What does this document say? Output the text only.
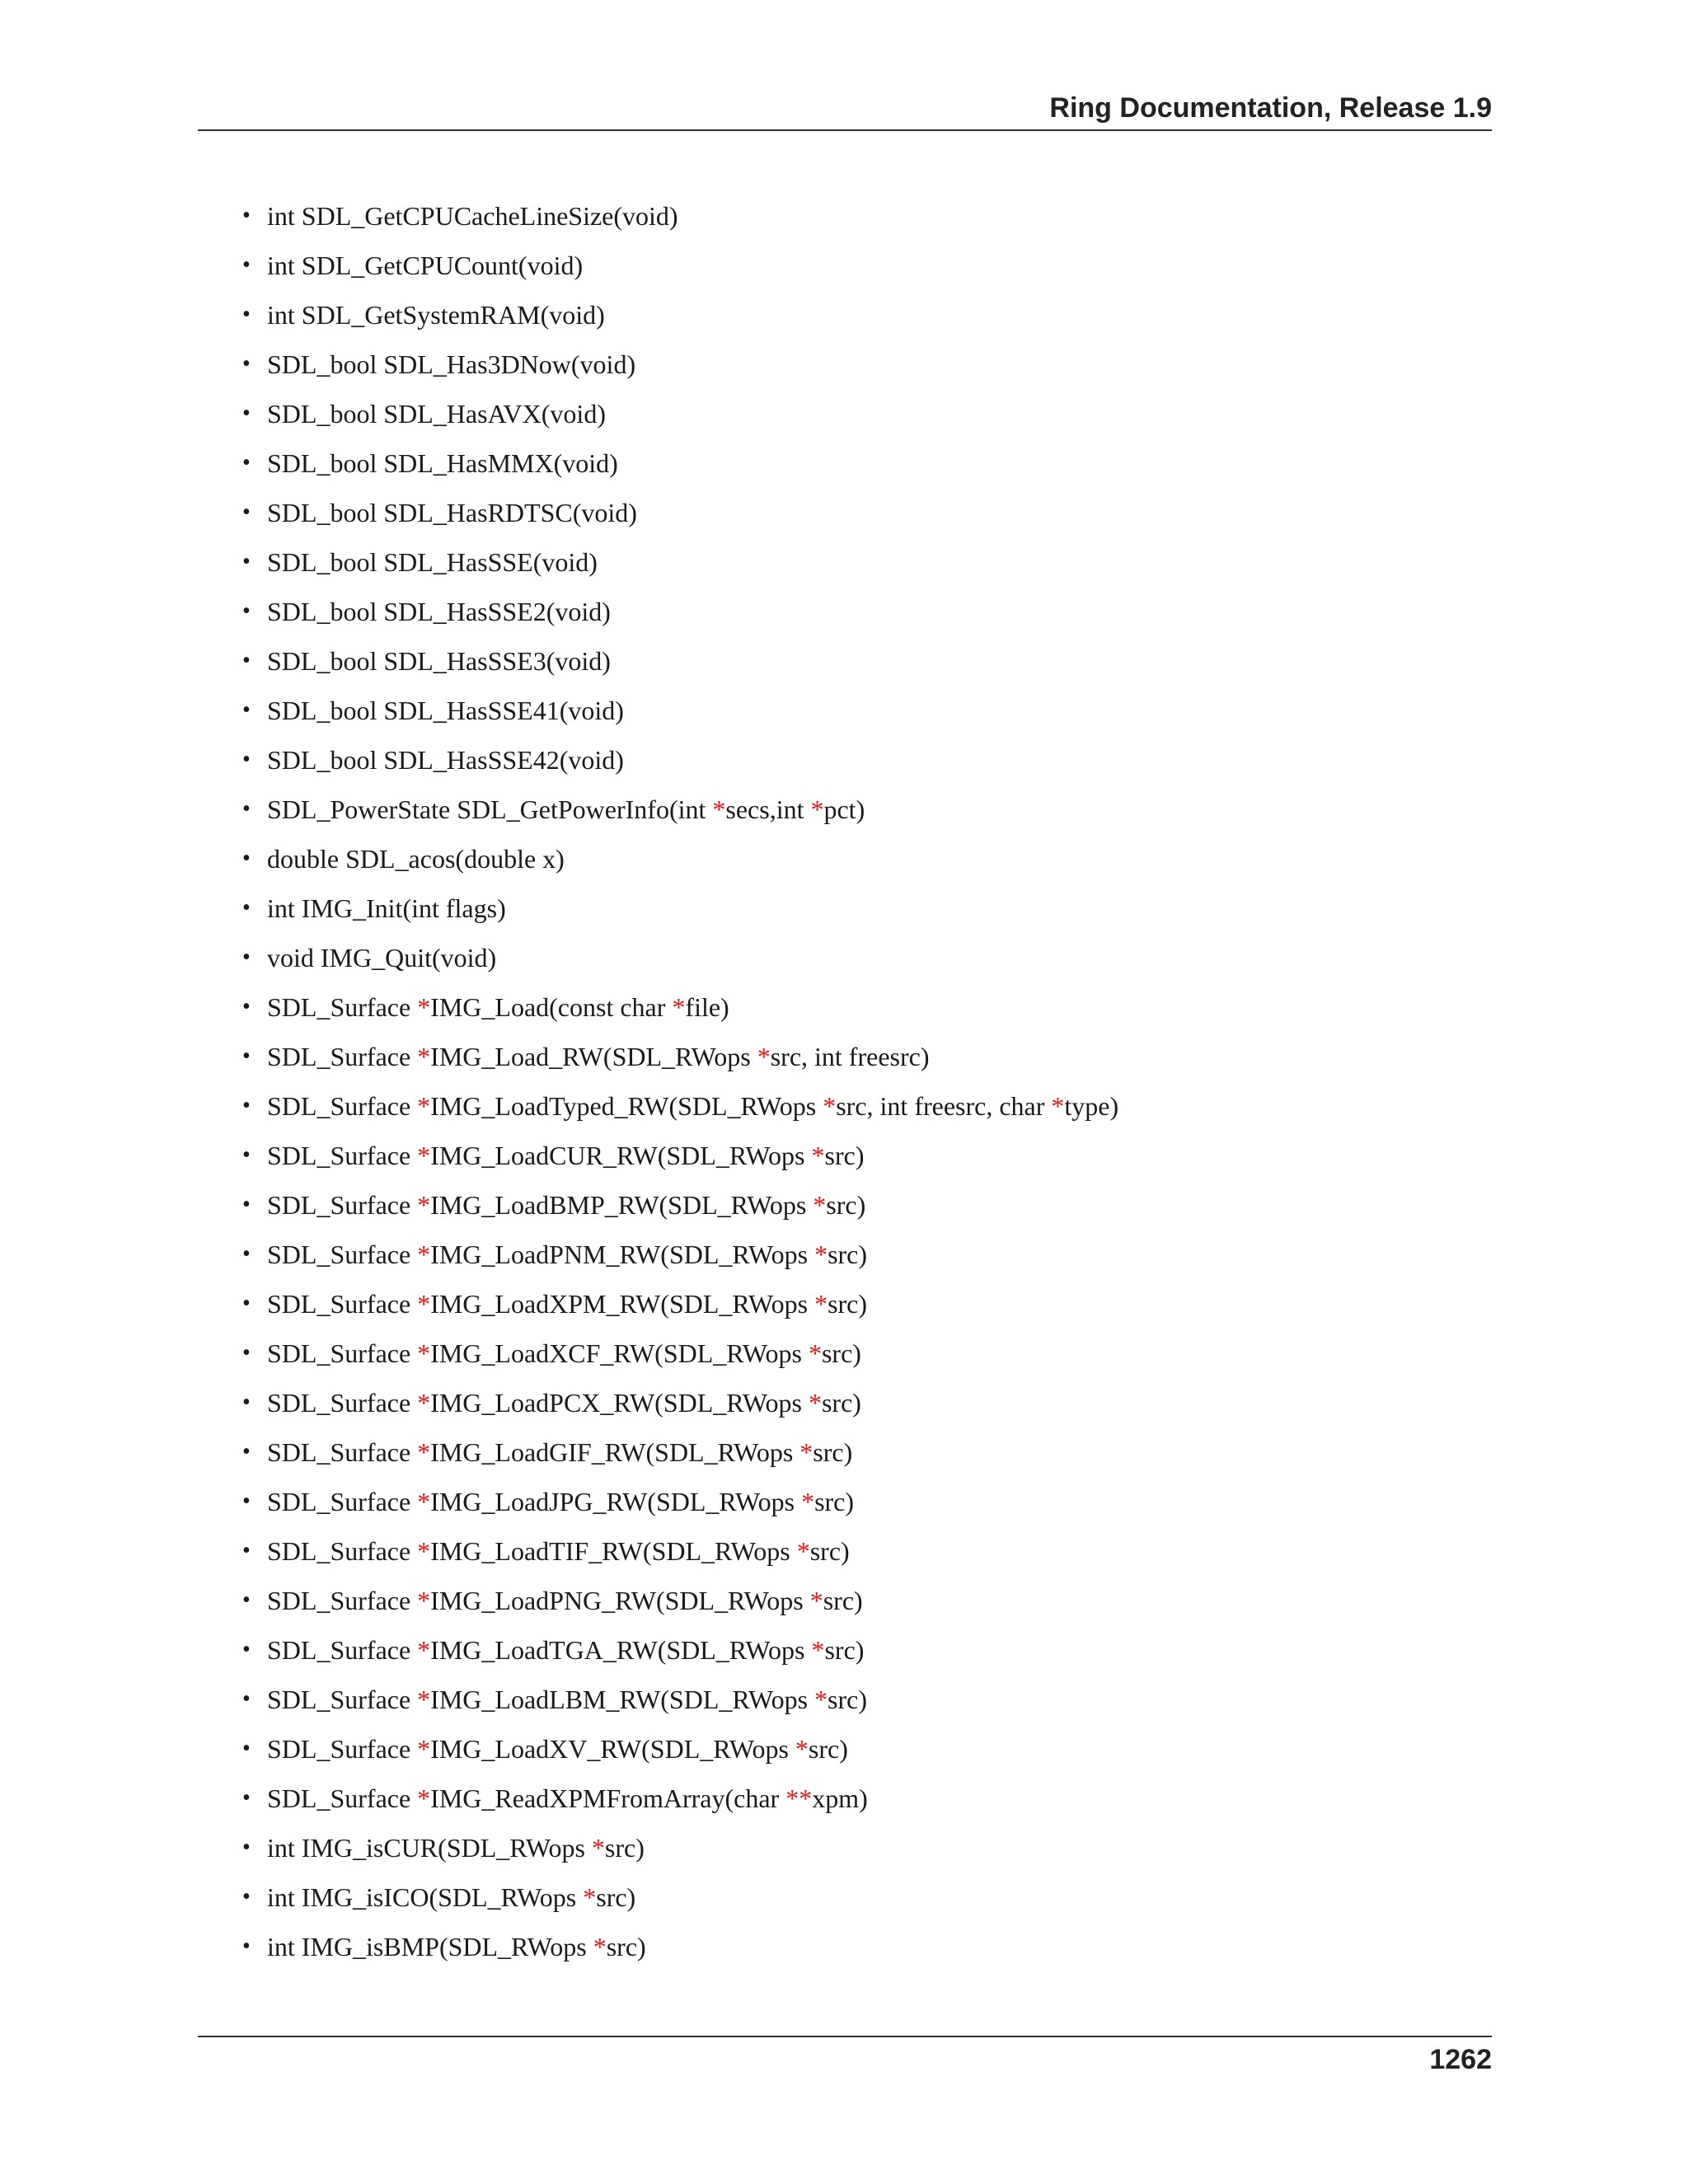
Ring Documentation, Release 1.9
• int SDL_GetCPUCacheLineSize(void)
• int SDL_GetCPUCount(void)
• int SDL_GetSystemRAM(void)
• SDL_bool SDL_Has3DNow(void)
• SDL_bool SDL_HasAVX(void)
• SDL_bool SDL_HasMMX(void)
• SDL_bool SDL_HasRDTSC(void)
• SDL_bool SDL_HasSSE(void)
• SDL_bool SDL_HasSSE2(void)
• SDL_bool SDL_HasSSE3(void)
• SDL_bool SDL_HasSSE41(void)
• SDL_bool SDL_HasSSE42(void)
• SDL_PowerState SDL_GetPowerInfo(int *secs,int *pct)
• double SDL_acos(double x)
• int IMG_Init(int flags)
• void IMG_Quit(void)
• SDL_Surface *IMG_Load(const char *file)
• SDL_Surface *IMG_Load_RW(SDL_RWops *src, int freesrc)
• SDL_Surface *IMG_LoadTyped_RW(SDL_RWops *src, int freesrc, char *type)
• SDL_Surface *IMG_LoadCUR_RW(SDL_RWops *src)
• SDL_Surface *IMG_LoadBMP_RW(SDL_RWops *src)
• SDL_Surface *IMG_LoadPNM_RW(SDL_RWops *src)
• SDL_Surface *IMG_LoadXPM_RW(SDL_RWops *src)
• SDL_Surface *IMG_LoadXCF_RW(SDL_RWops *src)
• SDL_Surface *IMG_LoadPCX_RW(SDL_RWops *src)
• SDL_Surface *IMG_LoadGIF_RW(SDL_RWops *src)
• SDL_Surface *IMG_LoadJPG_RW(SDL_RWops *src)
• SDL_Surface *IMG_LoadTIF_RW(SDL_RWops *src)
• SDL_Surface *IMG_LoadPNG_RW(SDL_RWops *src)
• SDL_Surface *IMG_LoadTGA_RW(SDL_RWops *src)
• SDL_Surface *IMG_LoadLBM_RW(SDL_RWops *src)
• SDL_Surface *IMG_LoadXV_RW(SDL_RWops *src)
• SDL_Surface *IMG_ReadXPMFromArray(char **xpm)
• int IMG_isCUR(SDL_RWops *src)
• int IMG_isICO(SDL_RWops *src)
• int IMG_isBMP(SDL_RWops *src)
1262
